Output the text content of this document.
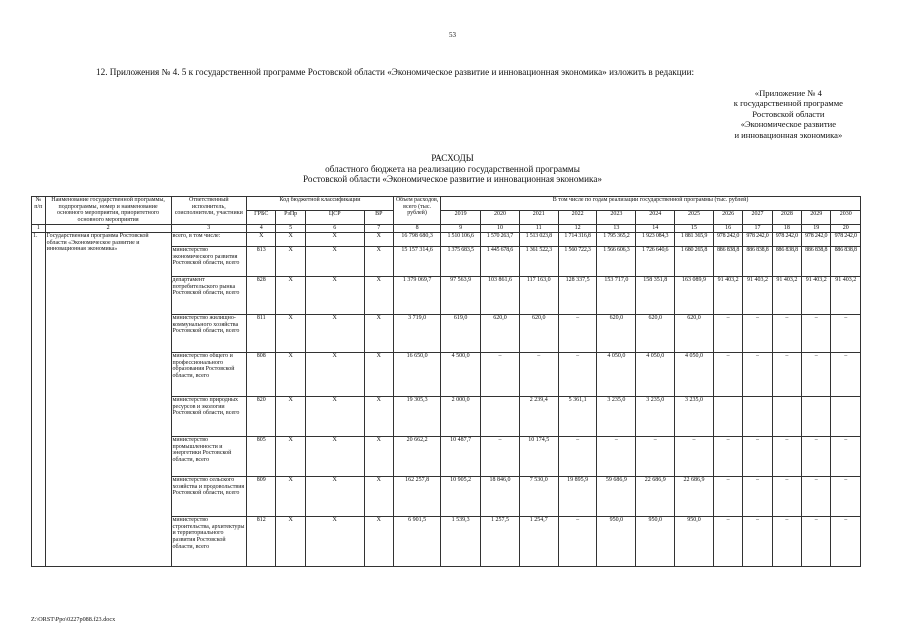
53
12. Приложения № 4. 5 к государственной программе Ростовской области «Экономическое развитие и инновационная экономика» изложить в редакции:
«Приложение № 4
к государственной программе
Ростовской области
«Экономическое развитие
и инновационная экономика»
РАСХОДЫ
областного бюджета на реализацию государственной программы
Ростовской области «Экономическое развитие и инновационная экономика»
№ п/п	Наименование государственной программы, подпрограммы, номер и наименование основного мероприятия, приоритетного основного мероприятия	Ответственный исполнитель, соисполнители, участники	Код бюджетной классификации				Объем расходов, всего (тыс. рублей)	В том числе по годам реализации государственной программы (тыс. рублей)											
			ГРБС	РзПр	ЦСР	ВР		2019	2020	2021	2022	2023	2024	2025	2026	2027	2028	2029	2030
1	2	3	4	5	6	7	8	9	10	11	12	13	14	15	16	17	18	19	20
1.	Государственная программа Ростовской области «Экономическое развитие и инновационная экономика»	всего, в том числе:	X	X	X	X	16 798 680,3	1 510 106,6	1 570 263,7	1 513 023,8	1 714 316,8	1 795 365,2	1 923 084,3	1 881 365,9	978 242,0	978 242,0	978 242,0	978 242,0	978 242,0
		министерство экономического развития Ростовской области, всего	813	X	X	X	15 157 314,6	1 375 683,5	1 445 678,6	1 361 522,3	1 560 722,3	1 566 606,3	1 726 640,6	1 680 265,8	886 838,8	886 838,8	886 838,8	886 838,8	886 838,8
		департамент потребительского рынка Ростовской области, всего	828	X	X	X	1 379 069,7	97 563,9	103 861,6	117 163,0	128 337,5	153 717,0	158 351,8	163 089,9	91 403,2	91 403,2	91 403,2	91 403,2	91 403,2
		министерство жилищно-коммунального хозяйства Ростовской области, всего	811	X	X	X	3 719,0	619,0	620,0	620,0	–	620,0	620,0	620,0	–	–	–	–	–
		министерство общего и профессионального образования Ростовской области, всего	808	X	X	X	16 650,0	4 500,0	–	–	–	4 050,0	4 050,0	4 050,0	–	–	–	–	–
		министерство природных ресурсов и экологии Ростовской области, всего	820	X	X	X	19 305,3	2 000,0		2 239,4	5 361,1	3 235,0	3 235,0	3 235,0					
		министерство промышленности и энергетики Ростовской области, всего	805	X	X	X	20 662,2	10 487,7	–	10 174,5	–	–	–	–	–	–	–	–	–
		министерство сельского хозяйства и продовольствия Ростовской области, всего	809	X	X	X	162 257,8	10 905,2	18 846,0	7 530,0	19 895,9	59 686,9	22 686,9	22 686,9	–	–	–	–	–
		министерство строительства, архитектуры и территориального развития Ростовской области, всего	812	X	X	X	6 901,5	1 539,3	1 257,5	1 254,7	–	950,0	950,0	950,0	–	–	–	–	–
Z:\ORST\Ppo\0227p088.f23.docx
